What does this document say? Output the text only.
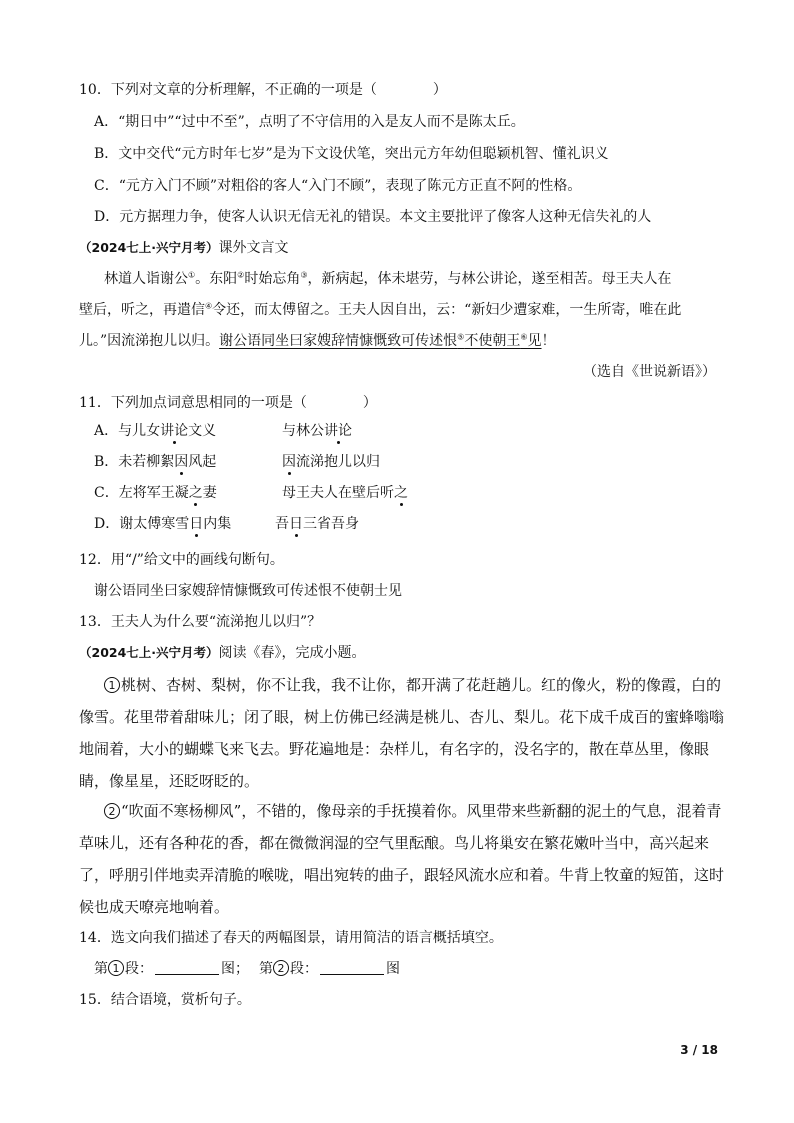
10．下列对文章的分析理解，不正确的一项是（　　　　）
A．“期日中”“过中不至”，点明了不守信用的入是友人而不是陈太丘。
B．文中交代“元方时年七岁”是为下文设伏笔，突出元方年幼但聪颖机智、懂礼识义
C．“元方入门不顾”对粗俗的客人“入门不顾”，表现了陈元方正直不阿的性格。
D．元方据理力争，使客人认识无信无礼的错误。本文主要批评了像客人这种无信失礼的人
（2024七上·兴宁月考）课外文言文
林道人诣谢公①。东阳②时始忘角③，新病起，体未堪劳，与林公讲论，遂至相苦。母王夫人在
壁后，听之，再遣信④令还，而太傅留之。王夫人因自出，云：“新妇少遭家难，一生所寄，唯在此
儿。”因流涕抱儿以归。谢公语同坐曰家嫂辞情慷慨致可传述恨⑤不使朝王⑥见！
（选自《世说新语》）
11．下列加点词意思相同的一项是（　　　　）
A．与儿女讲论文义	与林公讲论
B．未若柳絮因风起	因流涕抱儿以归
C．左将军王凝之妻	母王夫人在壁后听之
D．谢太傅寒雪日内集	吾日三省吾身
12．用“/”给文中的画线句断句。
谢公语同坐曰家嫂辞情慷慨致可传述恨不使朝士见
13．王夫人为什么要“流涕抱儿以归”？
（2024七上·兴宁月考）阅读《春》，完成小题。
1 桃树、杏树、梨树，你不让我，我不让你，都开满了花赶趟儿。红的像火，粉的像霞，白的
像雪。花里带着甜味儿；闭了眼，树上仿佛已经满是桃儿、杏儿、梨儿。花下成千成百的蜜蜂嗡嗡
地闹着，大小的蝴蝶飞来飞去。野花遍地是：杂样儿，有名字的，没名字的，散在草丛里，像眼
睛，像星星，还眨呀眨的。
2 “吹面不寒杨柳风”，不错的，像母亲的手抚摸着你。风里带来些新翻的泥土的气息，混着青
草味儿，还有各种花的香，都在微微润湿的空气里酝酿。鸟儿将巢安在繁花嫩叶当中，高兴起来
了，呼朋引伴地卖弄清脆的喉咙，唱出宛转的曲子，跟轻风流水应和着。牛背上牧童的短笛，这时
候也成天嘹亮地响着。
14．选文向我们描述了春天的两幅图景，请用简洁的语言概括填空。
第 1 段：	图； 第 2 段：	图
15．结合语境，赏析句子。
3 / 18
